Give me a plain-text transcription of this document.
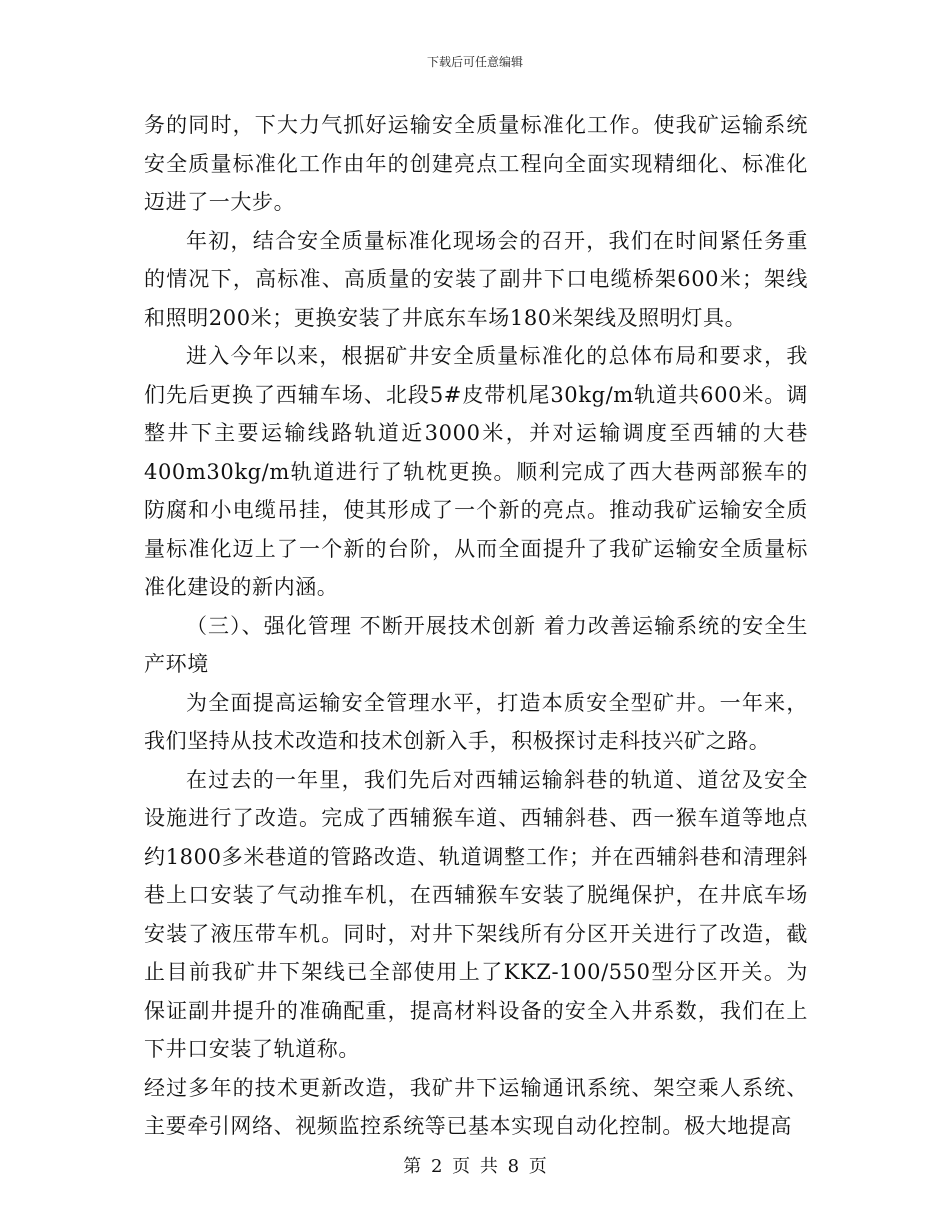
下载后可任意编辑

务的同时，下大力气抓好运输安全质量标准化工作。使我矿运输系统安全质量标准化工作由年的创建亮点工程向全面实现精细化、标准化迈进了一大步。

年初，结合安全质量标准化现场会的召开，我们在时间紧任务重的情况下，高标准、高质量的安装了副井下口电缆桥架600米；架线和照明200米；更换安装了井底东车场180米架线及照明灯具。

进入今年以来，根据矿井安全质量标准化的总体布局和要求，我们先后更换了西辅车场、北段5#皮带机尾30kg/m轨道共600米。调整井下主要运输线路轨道近3000米，并对运输调度至西辅的大巷400m30kg/m轨道进行了轨枕更换。顺利完成了西大巷两部猴车的防腐和小电缆吊挂，使其形成了一个新的亮点。推动我矿运输安全质量标准化迈上了一个新的台阶，从而全面提升了我矿运输安全质量标准化建设的新内涵。

（三）、强化管理 不断开展技术创新 着力改善运输系统的安全生产环境

为全面提高运输安全管理水平，打造本质安全型矿井。一年来，我们坚持从技术改造和技术创新入手，积极探讨走科技兴矿之路。

在过去的一年里，我们先后对西辅运输斜巷的轨道、道岔及安全设施进行了改造。完成了西辅猴车道、西辅斜巷、西一猴车道等地点约1800多米巷道的管路改造、轨道调整工作；并在西辅斜巷和清理斜巷上口安装了气动推车机，在西辅猴车安装了脱绳保护，在井底车场安装了液压带车机。同时，对井下架线所有分区开关进行了改造，截止目前我矿井下架线已全部使用上了KKZ-100/550型分区开关。为保证副井提升的准确配重，提高材料设备的安全入井系数，我们在上下井口安装了轨道称。

经过多年的技术更新改造，我矿井下运输通讯系统、架空乘人系统、主要牵引网络、视频监控系统等已基本实现自动化控制。极大地提高

第 2 页 共 8 页
